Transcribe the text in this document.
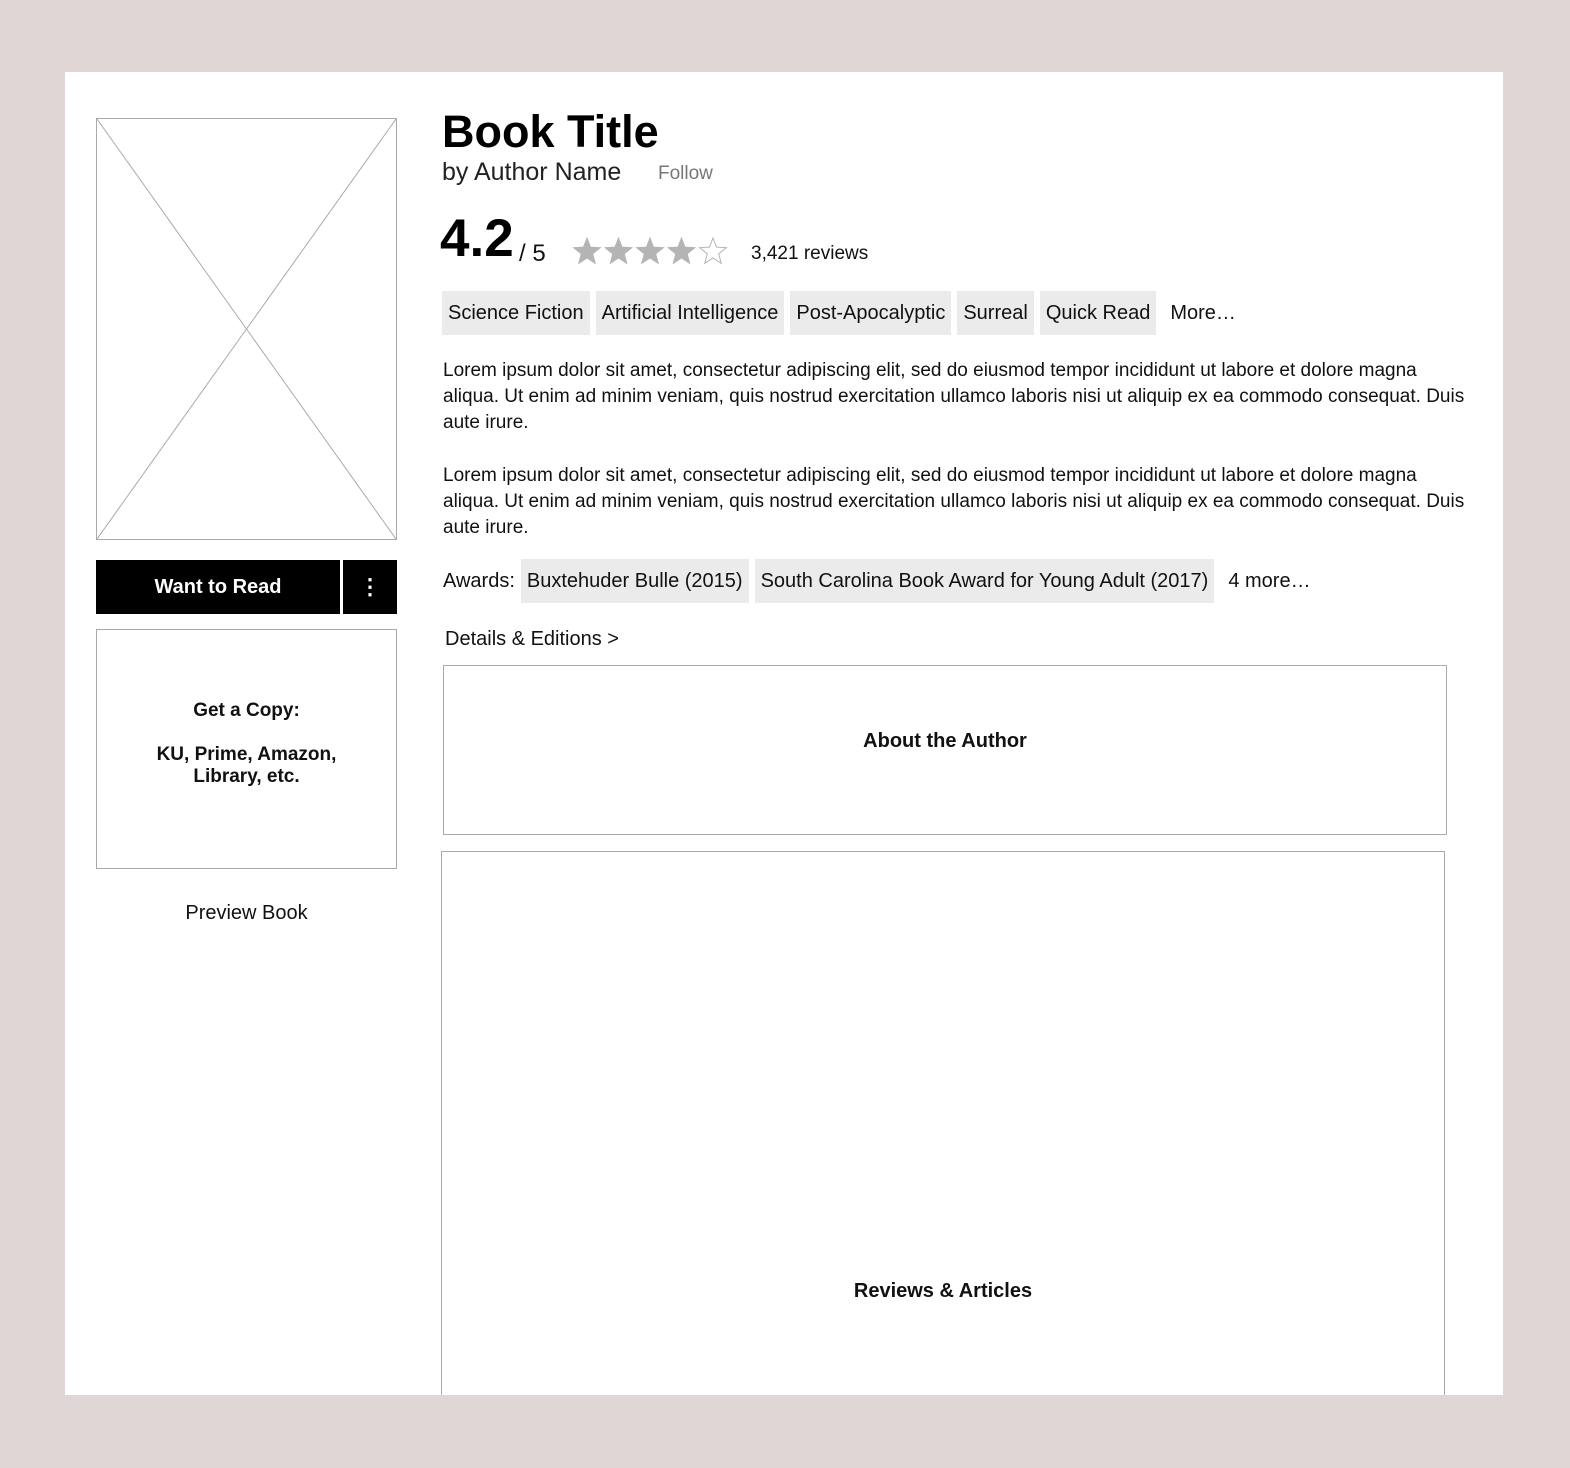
Want to Read	⋮
Get a Copy:
KU, Prime, Amazon, Library, etc.
Preview Book
Book Title
by Author Name Follow
4.2 / 5	3,421 reviews
Science Fiction Artificial Intelligence Post-Apocalyptic Surreal Quick Read	More…

Lorem ipsum dolor sit amet, consectetur adipiscing elit, sed do eiusmod tempor incididunt ut labore et dolore magna aliqua. Ut enim ad minim veniam, quis nostrud exercitation ullamco laboris nisi ut aliquip ex ea commodo consequat. Duis aute irure.

Lorem ipsum dolor sit amet, consectetur adipiscing elit, sed do eiusmod tempor incididunt ut labore et dolore magna aliqua. Ut enim ad minim veniam, quis nostrud exercitation ullamco laboris nisi ut aliquip ex ea commodo consequat. Duis aute irure.

Awards: Buxtehuder Bulle (2015) South Carolina Book Award for Young Adult (2017)	4 more…
Details & Editions >
About the Author
Reviews & Articles
